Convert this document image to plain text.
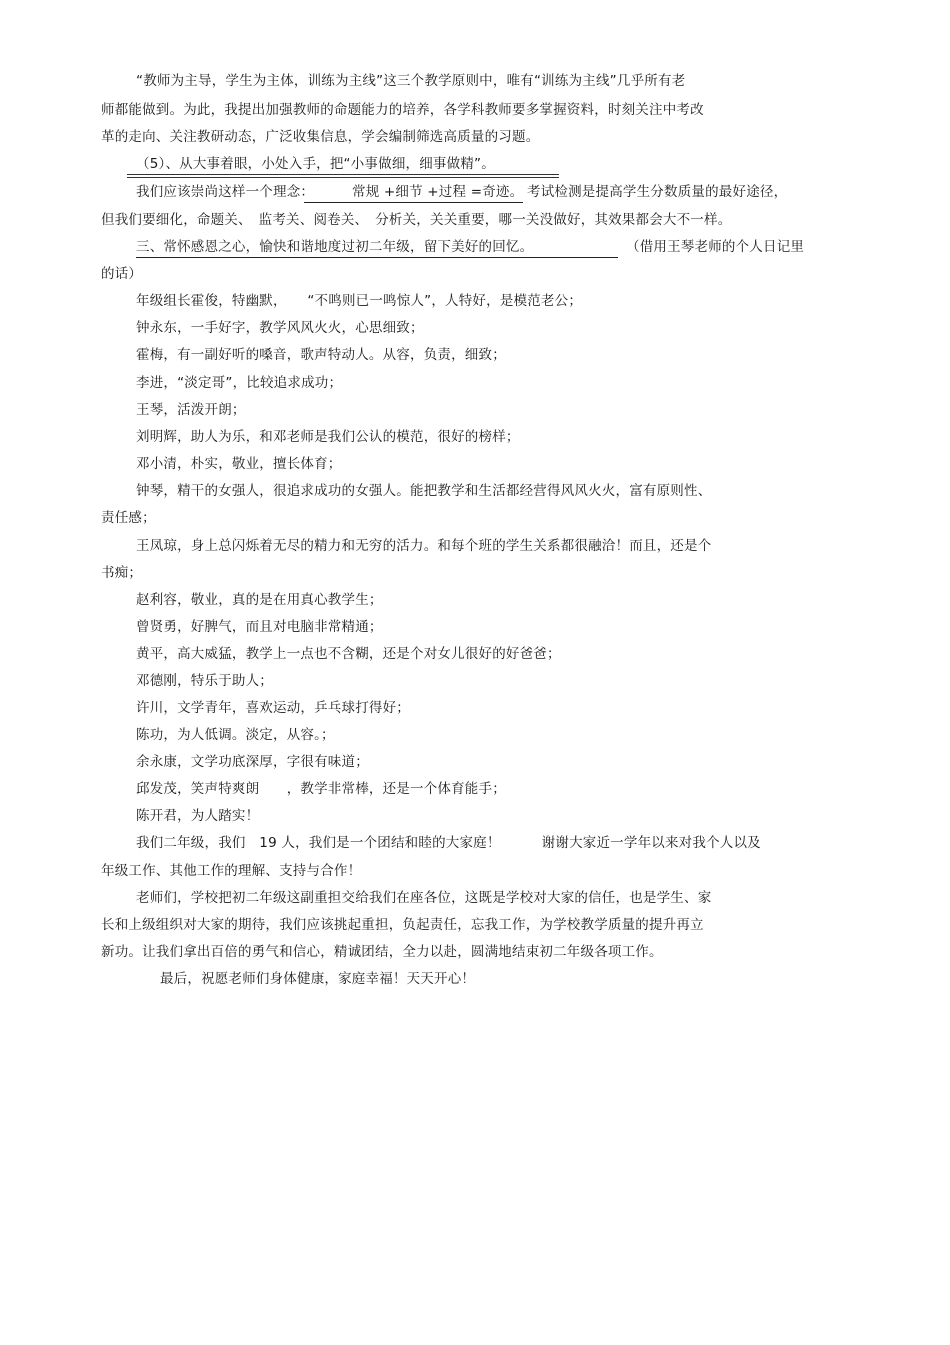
“教师为主导，学生为主体，训练为主线”这三个教学原则中，唯有“训练为主线”几乎所有老
师都能做到。为此，我提出加强教师的命题能力的培养，各学科教师要多掌握资料，时刻关注中考改
革的走向、关注教研动态，广泛收集信息，学会编制筛选高质量的习题。
（5）、从大事着眼，小处入手，把“小事做细，细事做精”。
我们应该崇尚这样一个理念：	常规 +细节 +过程 =奇迹。 考试检测是提高学生分数质量的最好途径，
但我们要细化，命题关、　监考关、阅卷关、　分析关，关关重要，哪一关没做好，其效果都会大不一样。
三、常怀感恩之心，愉快和谐地度过初二年级，留下美好的回忆。	（借用王琴老师的个人日记里
的话）
年级组长霍俊，特幽默，　　“不鸣则已一鸣惊人”，人特好，是模范老公；
钟永东，一手好字，教学风风火火，心思细致；
霍梅，有一副好听的嗓音，歌声特动人。从容，负责，细致；
李进，“淡定哥”，比较追求成功；
王琴，活泼开朗；
刘明辉，助人为乐，和邓老师是我们公认的模范，很好的榜样；
邓小清，朴实，敬业，擅长体育；
钟琴，精干的女强人，很追求成功的女强人。能把教学和生活都经营得风风火火，富有原则性、
责任感；
王凤琼，身上总闪烁着无尽的精力和无穷的活力。和每个班的学生关系都很融洽！而且，还是个
书痴；
赵利容，敬业，真的是在用真心教学生；
曾贤勇，好脾气，而且对电脑非常精通；
黄平，高大威猛，教学上一点也不含糊，还是个对女儿很好的好爸爸；
邓德刚，特乐于助人；
许川，文学青年，喜欢运动，乒乓球打得好；
陈功，为人低调。淡定，从容。；
余永康，文学功底深厚，字很有味道；
邱发茂，笑声特爽朗　　，教学非常棒，还是一个体育能手；
陈开君，为人踏实！
我们二年级，我们　19 人，我们是一个团结和睦的大家庭！　　　谢谢大家近一学年以来对我个人以及
年级工作、其他工作的理解、支持与合作！
老师们，学校把初二年级这副重担交给我们在座各位，这既是学校对大家的信任，也是学生、家
长和上级组织对大家的期待，我们应该挑起重担，负起责任，忘我工作，为学校教学质量的提升再立
新功。让我们拿出百倍的勇气和信心，精诚团结，全力以赴，圆满地结束初二年级各项工作。
最后，祝愿老师们身体健康，家庭幸福！天天开心！
